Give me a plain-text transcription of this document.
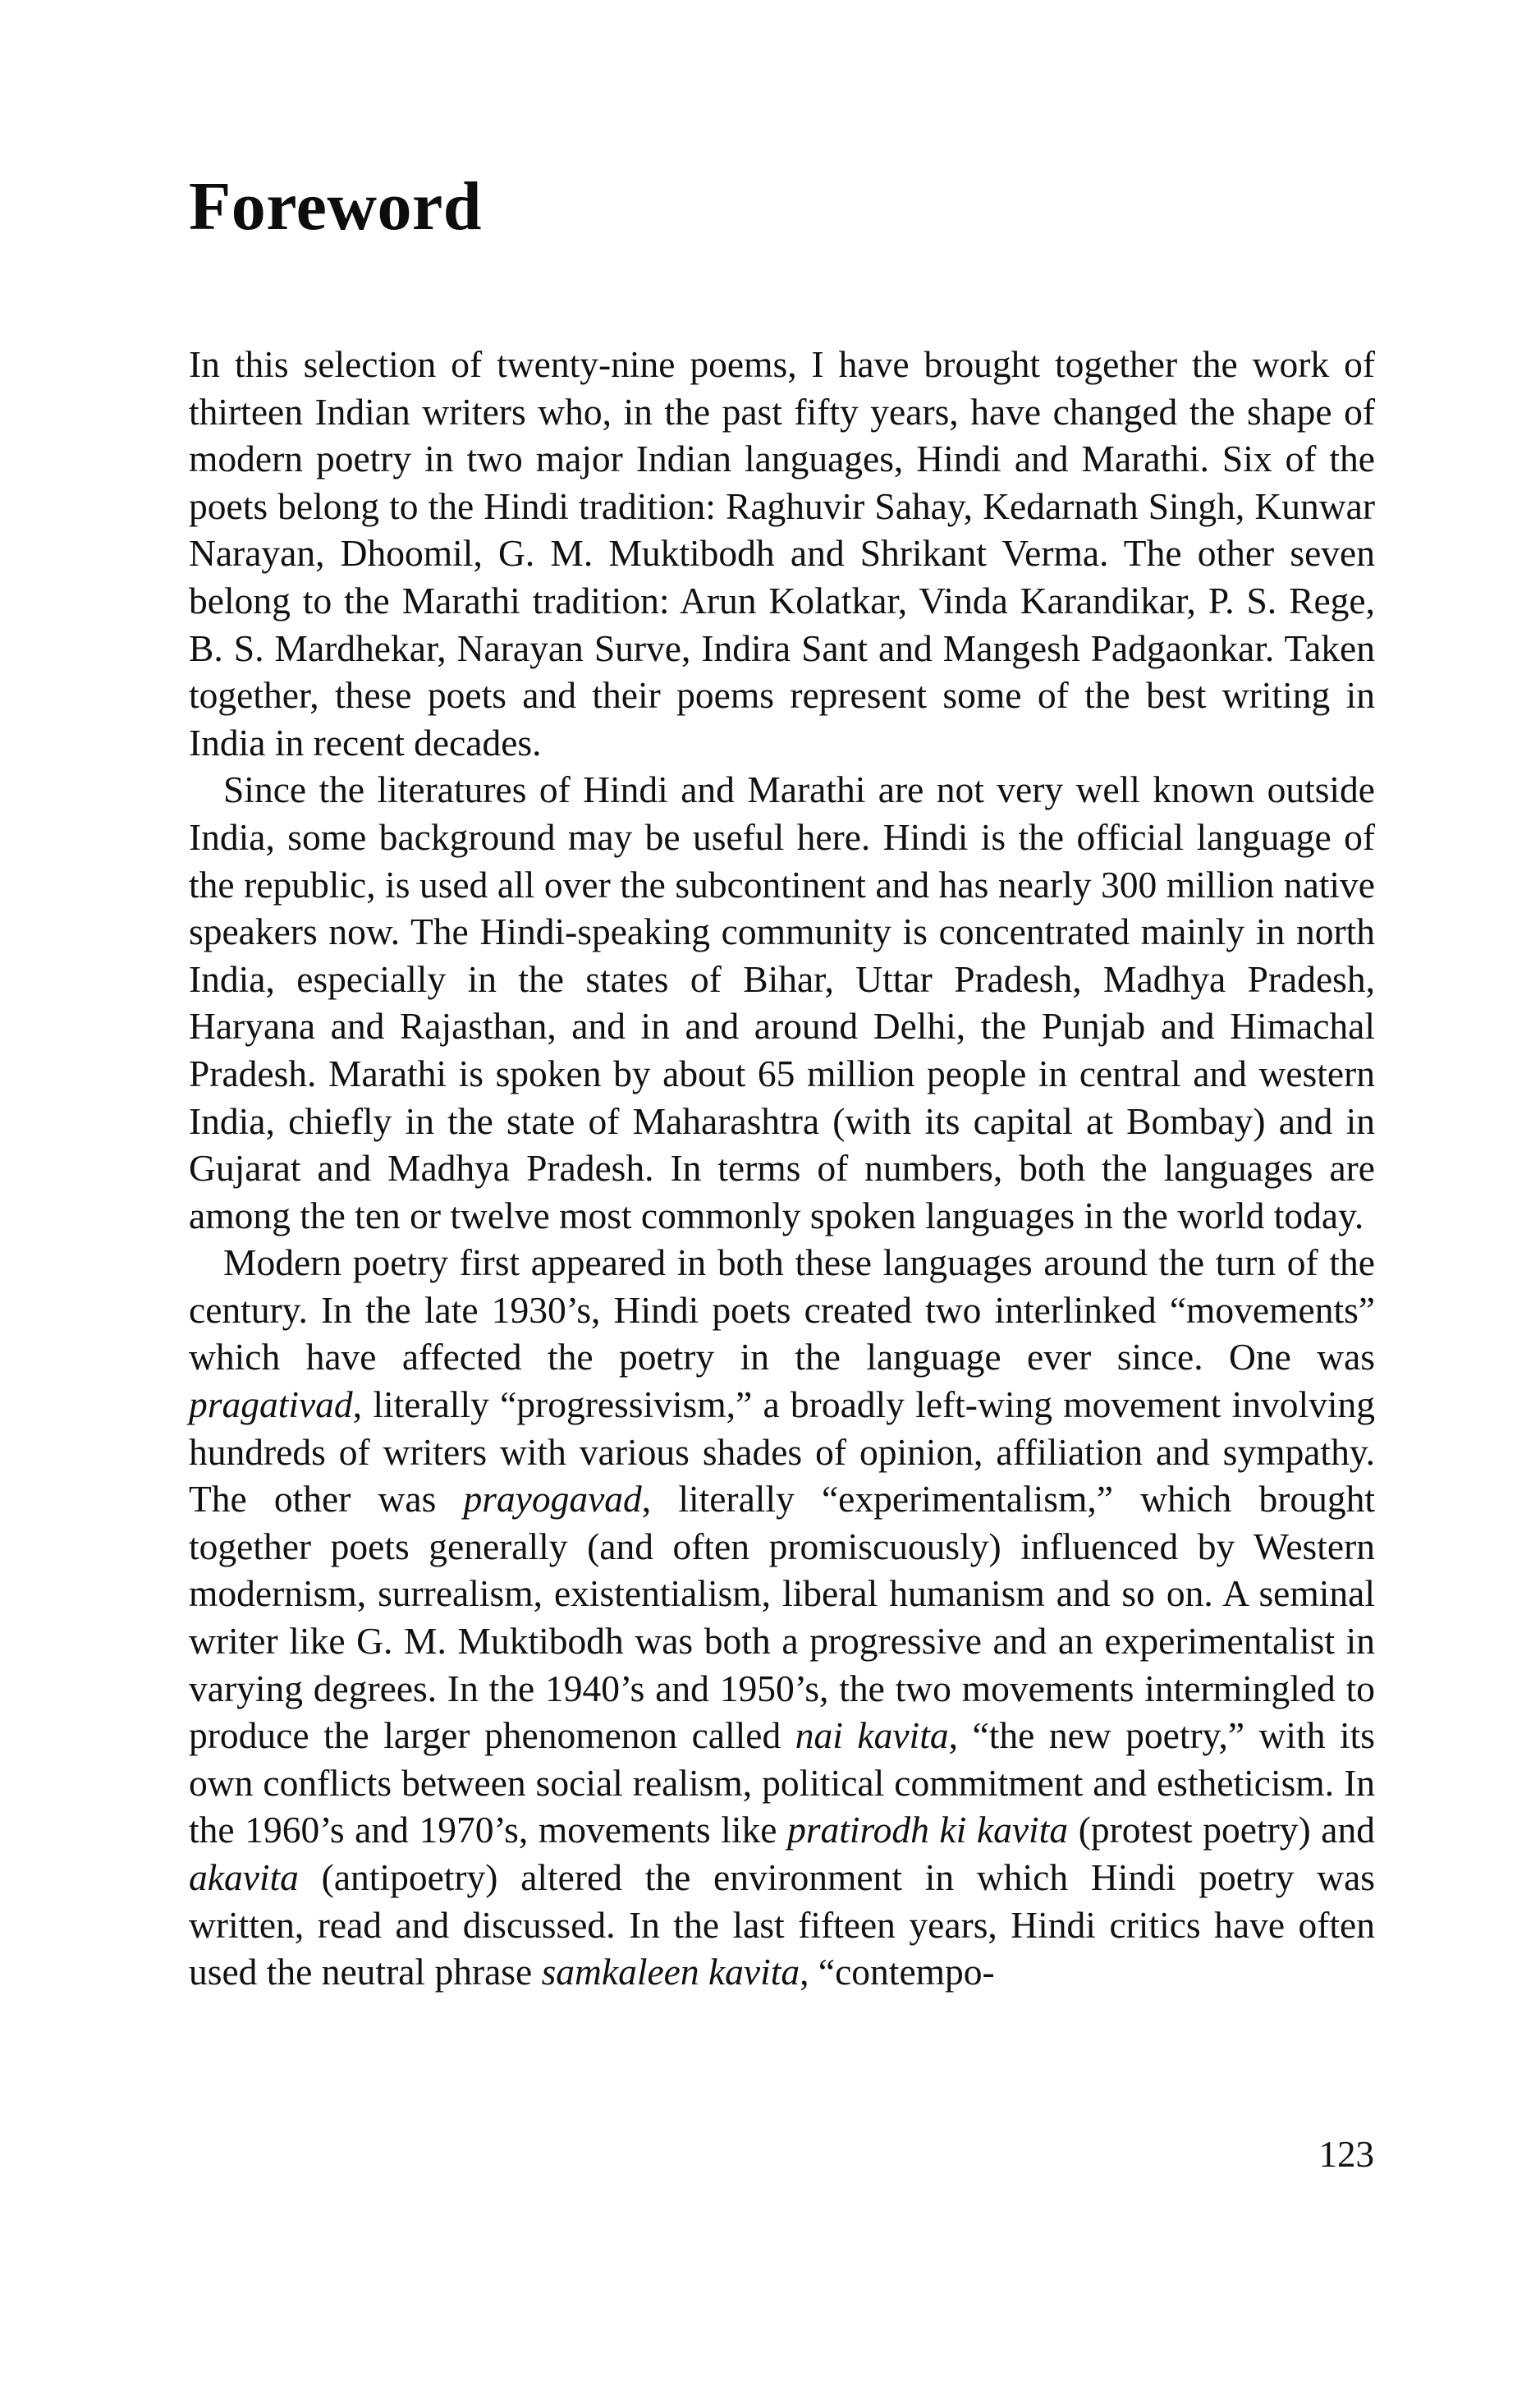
Foreword

In this selection of twenty-nine poems, I have brought together the work of thirteen Indian writers who, in the past fifty years, have changed the shape of modern poetry in two major Indian languages, Hindi and Marathi. Six of the poets belong to the Hindi tradition: Raghuvir Sahay, Kedarnath Singh, Kunwar Narayan, Dhoomil, G. M. Muktibodh and Shrikant Verma. The other seven belong to the Marathi tradition: Arun Kolatkar, Vinda Karandikar, P. S. Rege, B. S. Mardhekar, Narayan Surve, Indira Sant and Mangesh Padgaonkar. Taken together, these poets and their poems represent some of the best writing in India in recent decades.

Since the literatures of Hindi and Marathi are not very well known outside India, some background may be useful here. Hindi is the official language of the republic, is used all over the subcontinent and has nearly 300 million native speakers now. The Hindi-speaking community is concentrated mainly in north India, especially in the states of Bihar, Uttar Pradesh, Madhya Pradesh, Haryana and Rajasthan, and in and around Delhi, the Punjab and Himachal Pradesh. Marathi is spoken by about 65 million people in central and western India, chiefly in the state of Maharashtra (with its capital at Bombay) and in Gujarat and Madhya Pradesh. In terms of numbers, both the languages are among the ten or twelve most commonly spoken languages in the world today.

Modern poetry first appeared in both these languages around the turn of the century. In the late 1930’s, Hindi poets created two interlinked “movements” which have affected the poetry in the language ever since. One was pragativad, literally “progressivism,” a broadly left-wing movement involving hundreds of writers with various shades of opinion, affiliation and sympathy. The other was prayogavad, literally “experimentalism,” which brought together poets generally (and often promiscuously) influenced by Western modernism, surrealism, existentialism, liberal humanism and so on. A seminal writer like G. M. Muktibodh was both a progressive and an experimentalist in varying degrees. In the 1940’s and 1950’s, the two movements intermingled to produce the larger phenomenon called nai kavita, “the new poetry,” with its own conflicts between social realism, political commitment and estheticism. In the 1960’s and 1970’s, movements like pratirodh ki kavita (protest poetry) and akavita (antipoetry) altered the environment in which Hindi poetry was written, read and discussed. In the last fifteen years, Hindi critics have often used the neutral phrase samkaleen kavita, “contempo-

123
